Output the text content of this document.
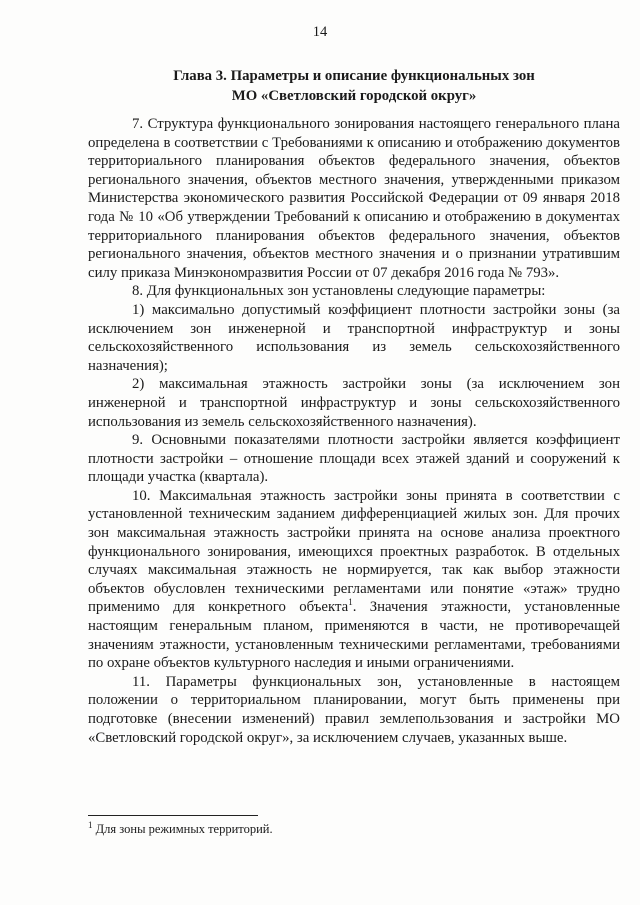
14
Глава 3. Параметры и описание функциональных зон
МО «Светловский городской округ»

7. Структура функционального зонирования настоящего генерального плана определена в соответствии с Требованиями к описанию и отображению документов территориального планирования объектов федерального значения, объектов регионального значения, объектов местного значения, утвержденными приказом Министерства экономического развития Российской Федерации от 09 января 2018 года № 10 «Об утверждении Требований к описанию и отображению в документах территориального планирования объектов федерального значения, объектов регионального значения, объектов местного значения и о признании утратившим силу приказа Минэкономразвития России от 07 декабря 2016 года № 793».

8. Для функциональных зон установлены следующие параметры:

1) максимально допустимый коэффициент плотности застройки зоны (за исключением зон инженерной и транспортной инфраструктур и зоны сельскохозяйственного использования из земель сельскохозяйственного назначения);

2) максимальная этажность застройки зоны (за исключением зон инженерной и транспортной инфраструктур и зоны сельскохозяйственного использования из земель сельскохозяйственного назначения).

9. Основными показателями плотности застройки является коэффициент плотности застройки – отношение площади всех этажей зданий и сооружений к площади участка (квартала).

10. Максимальная этажность застройки зоны принята в соответствии с установленной техническим заданием дифференциацией жилых зон. Для прочих зон максимальная этажность застройки принята на основе анализа проектного функционального зонирования, имеющихся проектных разработок. В отдельных случаях максимальная этажность не нормируется, так как выбор этажности объектов обусловлен техническими регламентами или понятие «этаж» трудно применимо для конкретного объекта$^1$. Значения этажности, установленные настоящим генеральным планом, применяются в части, не противоречащей значениям этажности, установленным техническими регламентами, требованиями по охране объектов культурного наследия и иными ограничениями.

11. Параметры функциональных зон, установленные в настоящем положении о территориальном планировании, могут быть применены при подготовке (внесении изменений) правил землепользования и застройки МО «Светловский городской округ», за исключением случаев, указанных выше.

$^1$ Для зоны режимных территорий.
